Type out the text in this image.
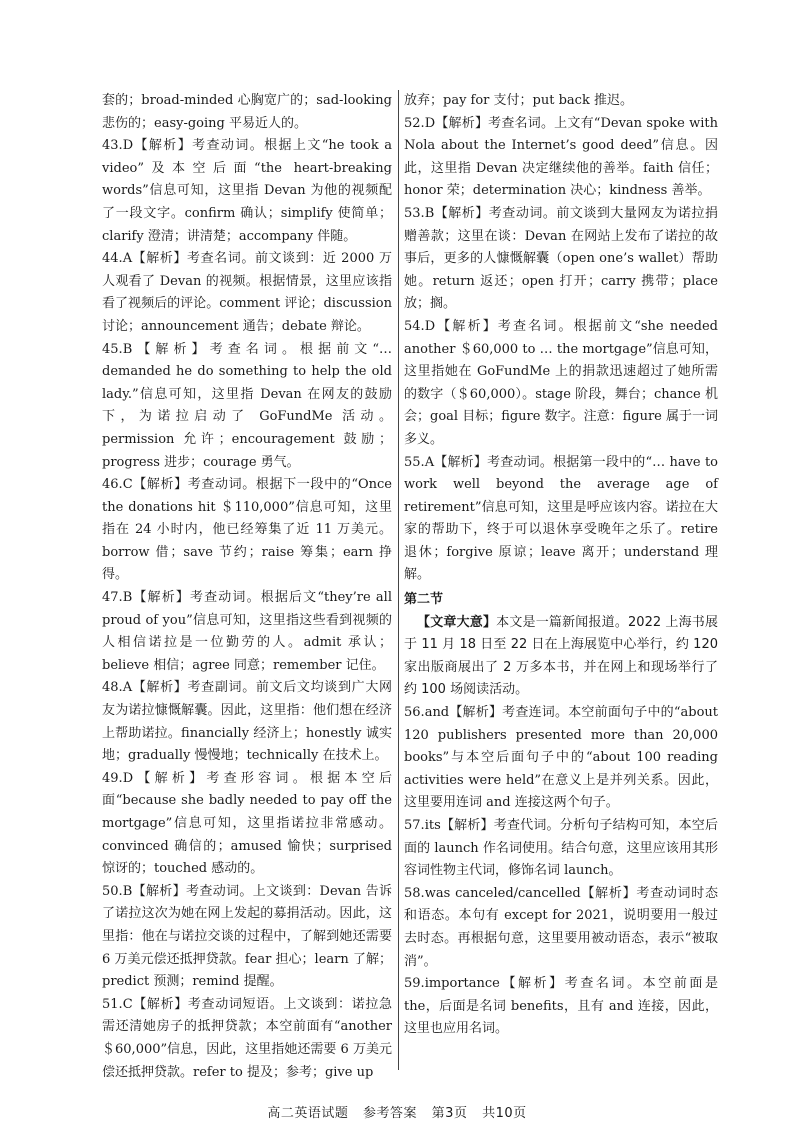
套的；broad-minded 心胸宽广的；sad-looking 悲伤的；easy-going 平易近人的。

43.D【解析】考查动词。根据上文“he took a video”及本空后面“the heart-breaking words”信息可知，这里指 Devan 为他的视频配了一段文字。confirm 确认；simplify 使简单；clarify 澄清；讲清楚；accompany 伴随。

44.A【解析】考查名词。前文谈到：近 2000 万人观看了 Devan 的视频。根据情景，这里应该指看了视频后的评论。comment 评论；discussion 讨论；announcement 通告；debate 辩论。

45.B【解析】考查名词。根据前文“… demanded he do something to help the old lady.”信息可知，这里指 Devan 在网友的鼓励下，为诺拉启动了 GoFundMe 活动。permission 允许；encouragement 鼓励；progress 进步；courage 勇气。

46.C【解析】考查动词。根据下一段中的“Once the donations hit ＄110,000”信息可知，这里指在 24 小时内，他已经筹集了近 11 万美元。borrow 借；save 节约；raise 筹集；earn 挣得。

47.B【解析】考查动词。根据后文“they’re all proud of you”信息可知，这里指这些看到视频的人相信诺拉是一位勤劳的人。admit 承认；believe 相信；agree 同意；remember 记住。

48.A【解析】考查副词。前文后文均谈到广大网友为诺拉慷慨解囊。因此，这里指：他们想在经济上帮助诺拉。financially 经济上；honestly 诚实地；gradually 慢慢地；technically 在技术上。

49.D【解析】考查形容词。根据本空后面“because she badly needed to pay off the mortgage”信息可知，这里指诺拉非常感动。convinced 确信的；amused 愉快；surprised 惊讶的；touched 感动的。

50.B【解析】考查动词。上文谈到：Devan 告诉了诺拉这次为她在网上发起的募捐活动。因此，这里指：他在与诺拉交谈的过程中，了解到她还需要 6 万美元偿还抵押贷款。fear 担心；learn 了解；predict 预测；remind 提醒。

51.C【解析】考查动词短语。上文谈到：诺拉急需还清她房子的抵押贷款；本空前面有“another ＄60,000”信息，因此，这里指她还需要 6 万美元偿还抵押贷款。refer to 提及；参考；give up

放弃；pay for 支付；put back 推迟。

52.D【解析】考查名词。上文有“Devan spoke with Nola about the Internet’s good deed”信息。因此，这里指 Devan 决定继续他的善举。faith 信任；honor 荣；determination 决心；kindness 善举。

53.B【解析】考查动词。前文谈到大量网友为诺拉捐赠善款；这里在谈：Devan 在网站上发布了诺拉的故事后，更多的人慷慨解囊（open one’s wallet）帮助她。return 返还；open 打开；carry 携带；place 放；搁。

54.D【解析】考查名词。根据前文“she needed another ＄60,000 to … the mortgage”信息可知，这里指她在 GoFundMe 上的捐款迅速超过了她所需的数字（＄60,000）。stage 阶段，舞台；chance 机会；goal 目标；figure 数字。注意：figure 属于一词多义。

55.A【解析】考查动词。根据第一段中的“… have to work well beyond the average age of retirement”信息可知，这里是呼应该内容。诺拉在大家的帮助下，终于可以退休享受晚年之乐了。retire 退休；forgive 原谅；leave 离开；understand 理解。

第二节

【文章大意】本文是一篇新闻报道。2022 上海书展于 11 月 18 日至 22 日在上海展览中心举行，约 120 家出版商展出了 2 万多本书，并在网上和现场举行了约 100 场阅读活动。

56.and【解析】考查连词。本空前面句子中的“about 120 publishers presented more than 20,000 books”与本空后面句子中的“about 100 reading activities were held”在意义上是并列关系。因此，这里要用连词 and 连接这两个句子。

57.its【解析】考查代词。分析句子结构可知，本空后面的 launch 作名词使用。结合句意，这里应该用其形容词性物主代词，修饰名词 launch。

58.was canceled/cancelled【解析】考查动词时态和语态。本句有 except for 2021，说明要用一般过去时态。再根据句意，这里要用被动语态，表示“被取消”。

59.importance【解析】考查名词。本空前面是 the，后面是名词 benefits，且有 and 连接，因此，这里也应用名词。

高二英语试题 参考答案 第3页 共10页
